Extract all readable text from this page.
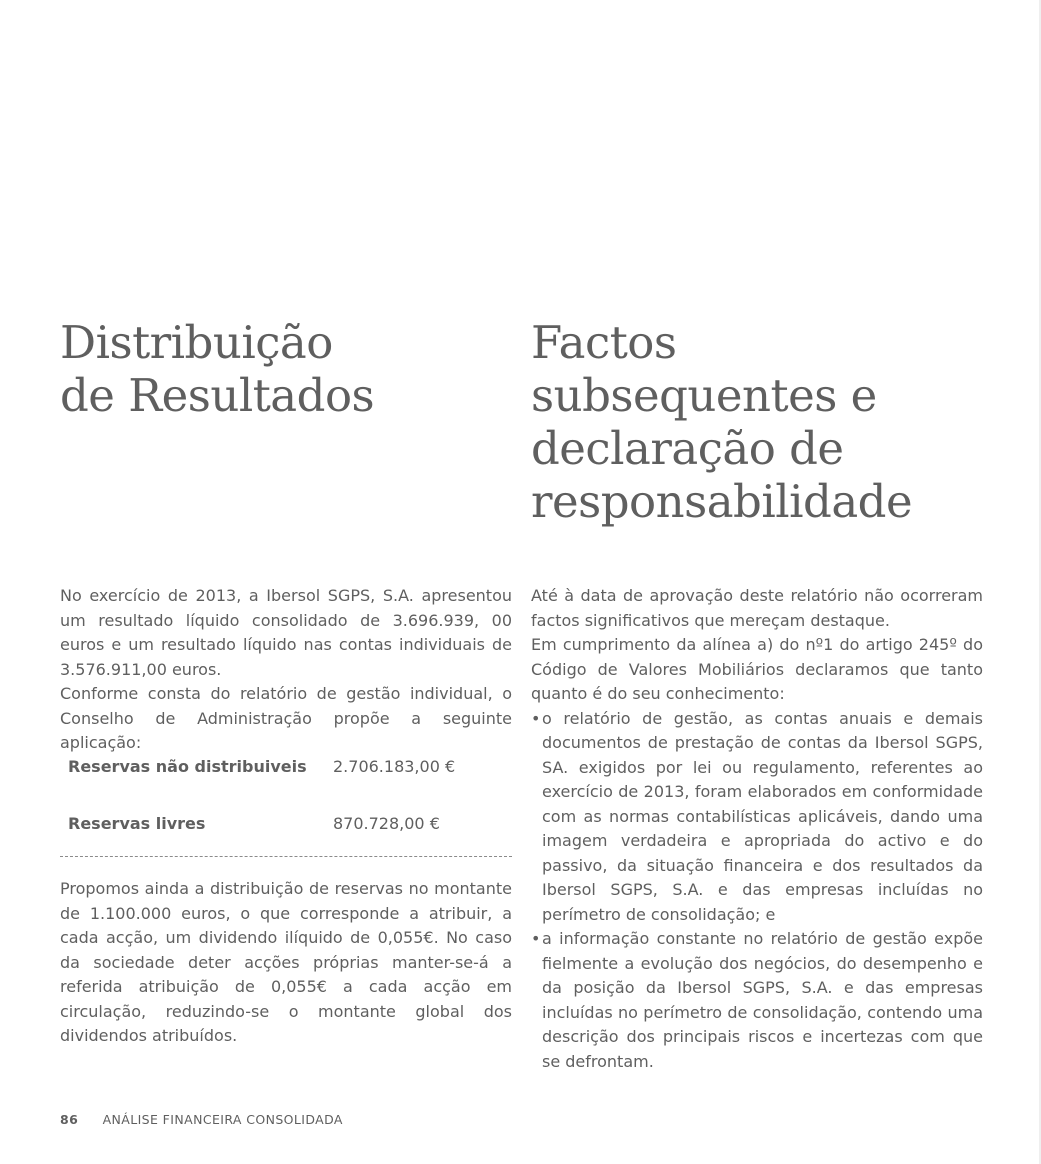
Distribuição
de Resultados
Factos
subsequentes e
declaração de
responsabilidade

No exercício de 2013, a Ibersol SGPS, S.A. apresentou um resultado líquido consolidado de 3.696.939, 00 euros e um resultado líquido nas contas individuais de 3.576.911,00 euros.

Conforme consta do relatório de gestão individual, o Conselho de Administração propõe a seguinte aplicação:

Reservas não distribuiveis	2.706.183,00 €
Reservas livres	870.728,00 €

Propomos ainda a distribuição de reservas no montante de 1.100.000 euros, o que corresponde a atribuir, a cada acção, um dividendo ilíquido de 0,055€. No caso da sociedade deter acções próprias manter-se-á a referida atribuição de 0,055€ a cada acção em circulação, reduzindo-se o montante global dos dividendos atribuídos.

Até à data de aprovação deste relatório não ocorreram factos significativos que mereçam destaque.

Em cumprimento da alínea a) do nº1 do artigo 245º do Código de Valores Mobiliários declaramos que tanto quanto é do seu conhecimento:

• o relatório de gestão, as contas anuais e demais documentos de prestação de contas da Ibersol SGPS, SA. exigidos por lei ou regulamento, referentes ao exercício de 2013, foram elaborados em conformidade com as normas contabilísticas aplicáveis, dando uma imagem verdadeira e apropriada do activo e do passivo, da situação financeira e dos resultados da Ibersol SGPS, S.A. e das empresas incluídas no perímetro de consolidação; e
• a informação constante no relatório de gestão expõe fielmente a evolução dos negócios, do desempenho e da posição da Ibersol SGPS, S.A. e das empresas incluídas no perímetro de consolidação, contendo uma descrição dos principais riscos e incertezas com que se defrontam.
86 ANÁLISE FINANCEIRA CONSOLIDADA
